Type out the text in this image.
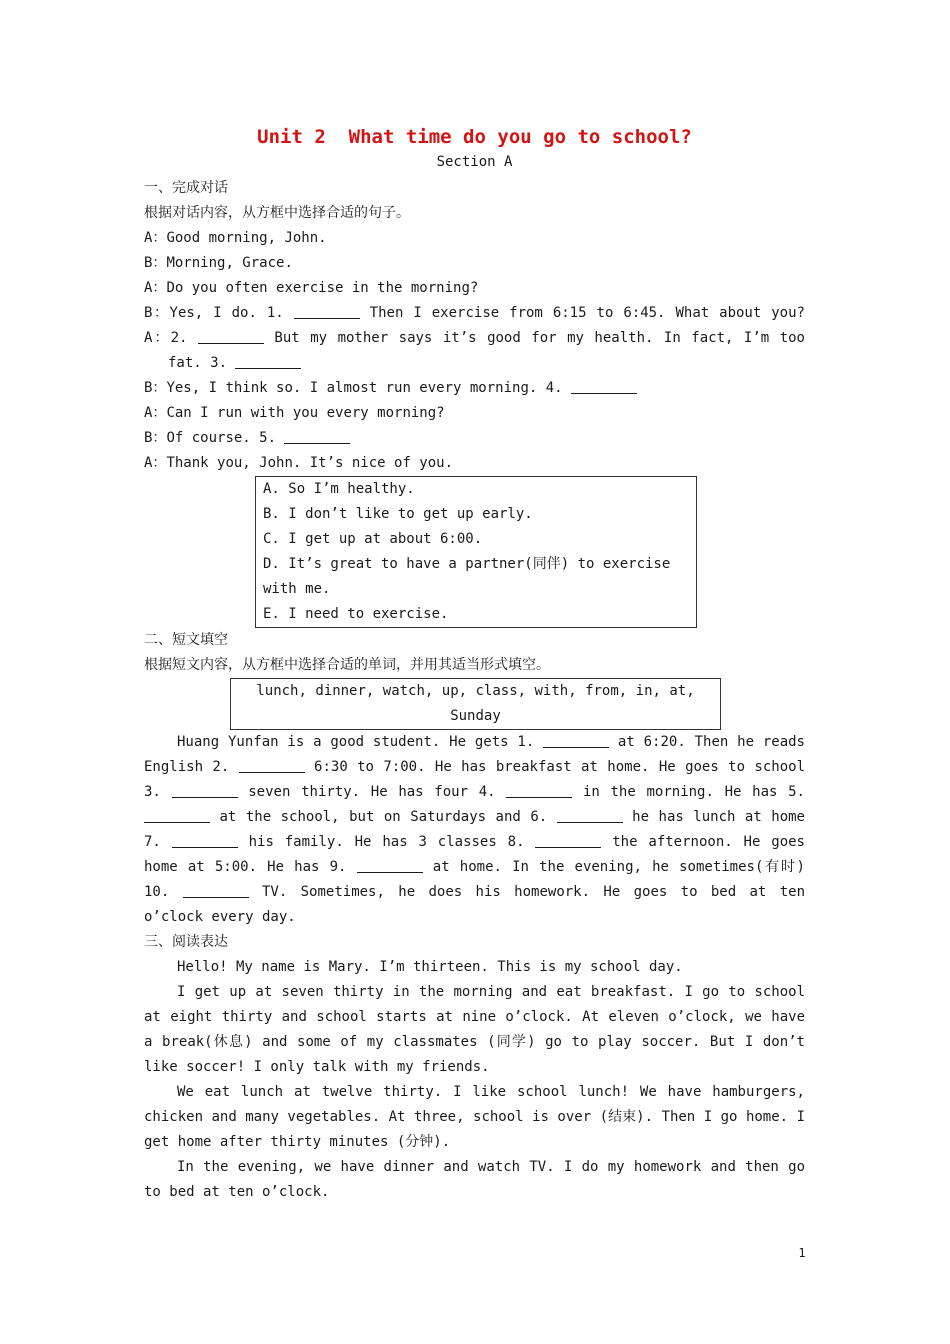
Unit 2  What time do you go to school?
Section A
一、完成对话
根据对话内容，从方框中选择合适的句子。
A：Good morning, John.
B：Morning, Grace.
A：Do you often exercise in the morning?
B：Yes, I do. 1.	Then I exercise from 6:15 to 6:45. What about you?
A：2.	But my mother says it’s good for my health. In fact, I’m too
fat. 3.
B：Yes, I think so. I almost run every morning. 4.
A：Can I run with you every morning?
B：Of course. 5.
A：Thank you, John. It’s nice of you.
A. So I’m healthy.
B. I don’t like to get up early.
C. I get up at about 6:00.
D. It’s great to have a partner(同伴) to exercise
with me.
E. I need to exercise.
二、短文填空
根据短文内容，从方框中选择合适的单词，并用其适当形式填空。
lunch, dinner, watch, up, class, with, from, in, at,
Sunday
Huang Yunfan is a good student. He gets 1.	at 6:20. Then he reads
English 2.	6:30 to 7:00. He has breakfast at home. He goes to school
3.	seven thirty. He has four 4.	in the morning. He has 5.
at the school, but on Saturdays and 6.	he has lunch at home
7.	his family. He has 3 classes 8.	the afternoon. He goes
home at 5:00. He has 9.	at home. In the evening, he sometimes(有时)
10.	TV. Sometimes, he does his homework. He goes to bed at ten
o’clock every day.
三、阅读表达
Hello! My name is Mary. I’m thirteen. This is my school day.
I get up at seven thirty in the morning and eat breakfast. I go to school at eight thirty and school starts at nine o’clock. At eleven o’clock, we have a break(休息) and some of my classmates (同学) go to play soccer. But I don’t like soccer! I only talk with my friends.
We eat lunch at twelve thirty. I like school lunch! We have hamburgers, chicken and many vegetables. At three, school is over (结束). Then I go home. I get home after thirty minutes (分钟).
In the evening, we have dinner and watch TV. I do my homework and then go to bed at ten o’clock.
1
